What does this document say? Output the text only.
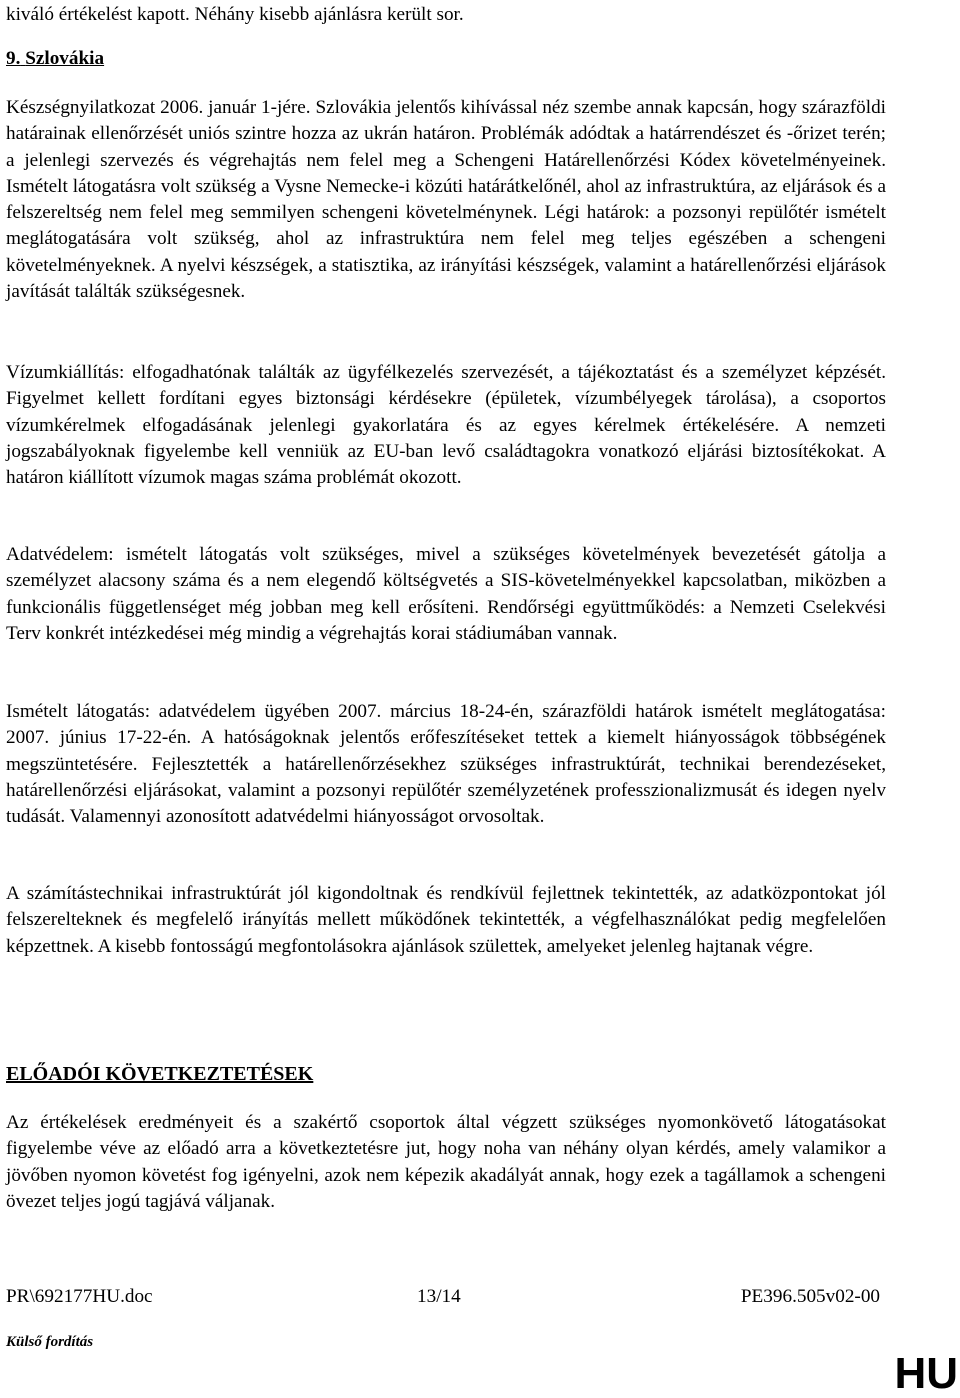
kiváló értékelést kapott. Néhány kisebb ajánlásra került sor.

9. Szlovákia

Készségnyilatkozat 2006. január 1-jére. Szlovákia jelentős kihívással néz szembe annak kapcsán, hogy szárazföldi határainak ellenőrzését uniós szintre hozza az ukrán határon. Problémák adódtak a határrendészet és -őrizet terén; a jelenlegi szervezés és végrehajtás nem felel meg a Schengeni Határellenőrzési Kódex követelményeinek. Ismételt látogatásra volt szükség a Vysne Nemecke-i közúti határátkelőnél, ahol az infrastruktúra, az eljárások és a felszereltség nem felel meg semmilyen schengeni követelménynek. Légi határok: a pozsonyi repülőtér ismételt meglátogatására volt szükség, ahol az infrastruktúra nem felel meg teljes egészében a schengeni követelményeknek. A nyelvi készségek, a statisztika, az irányítási készségek, valamint a határellenőrzési eljárások javítását találták szükségesnek.

Vízumkiállítás: elfogadhatónak találták az ügyfélkezelés szervezését, a tájékoztatást és a személyzet képzését. Figyelmet kellett fordítani egyes biztonsági kérdésekre (épületek, vízumbélyegek tárolása), a csoportos vízumkérelmek elfogadásának jelenlegi gyakorlatára és az egyes kérelmek értékelésére. A nemzeti jogszabályoknak figyelembe kell venniük az EU-ban levő családtagokra vonatkozó eljárási biztosítékokat. A határon kiállított vízumok magas száma problémát okozott.

Adatvédelem: ismételt látogatás volt szükséges, mivel a szükséges követelmények bevezetését gátolja a személyzet alacsony száma és a nem elegendő költségvetés a SIS-követelményekkel kapcsolatban, miközben a funkcionális függetlenséget még jobban meg kell erősíteni. Rendőrségi együttműködés: a Nemzeti Cselekvési Terv konkrét intézkedései még mindig a végrehajtás korai stádiumában vannak.

Ismételt látogatás: adatvédelem ügyében 2007. március 18-24-én, szárazföldi határok ismételt meglátogatása: 2007. június 17-22-én. A hatóságoknak jelentős erőfeszítéseket tettek a kiemelt hiányosságok többségének megszüntetésére. Fejlesztették a határellenőrzésekhez szükséges infrastruktúrát, technikai berendezéseket, határellenőrzési eljárásokat, valamint a pozsonyi repülőtér személyzetének professzionalizmusát és idegen nyelv tudását. Valamennyi azonosított adatvédelmi hiányosságot orvosoltak.

A számítástechnikai infrastruktúrát jól kigondoltnak és rendkívül fejlettnek tekintették, az adatközpontokat jól felszerelteknek és megfelelő irányítás mellett működőnek tekintették, a végfelhasználókat pedig megfelelően képzettnek. A kisebb fontosságú megfontolásokra ajánlások születtek, amelyeket jelenleg hajtanak végre.

ELŐADÓI KÖVETKEZTETÉSEK

Az értékelések eredményeit és a szakértő csoportok által végzett szükséges nyomonkövető látogatásokat figyelembe véve az előadó arra a következtetésre jut, hogy noha van néhány olyan kérdés, amely valamikor a jövőben nyomon követést fog igényelni, azok nem képezik akadályát annak, hogy ezek a tagállamok a schengeni övezet teljes jogú tagjává váljanak.

PR\692177HU.doc	13/14	PE396.505v02-00
Külső fordítás
HU
